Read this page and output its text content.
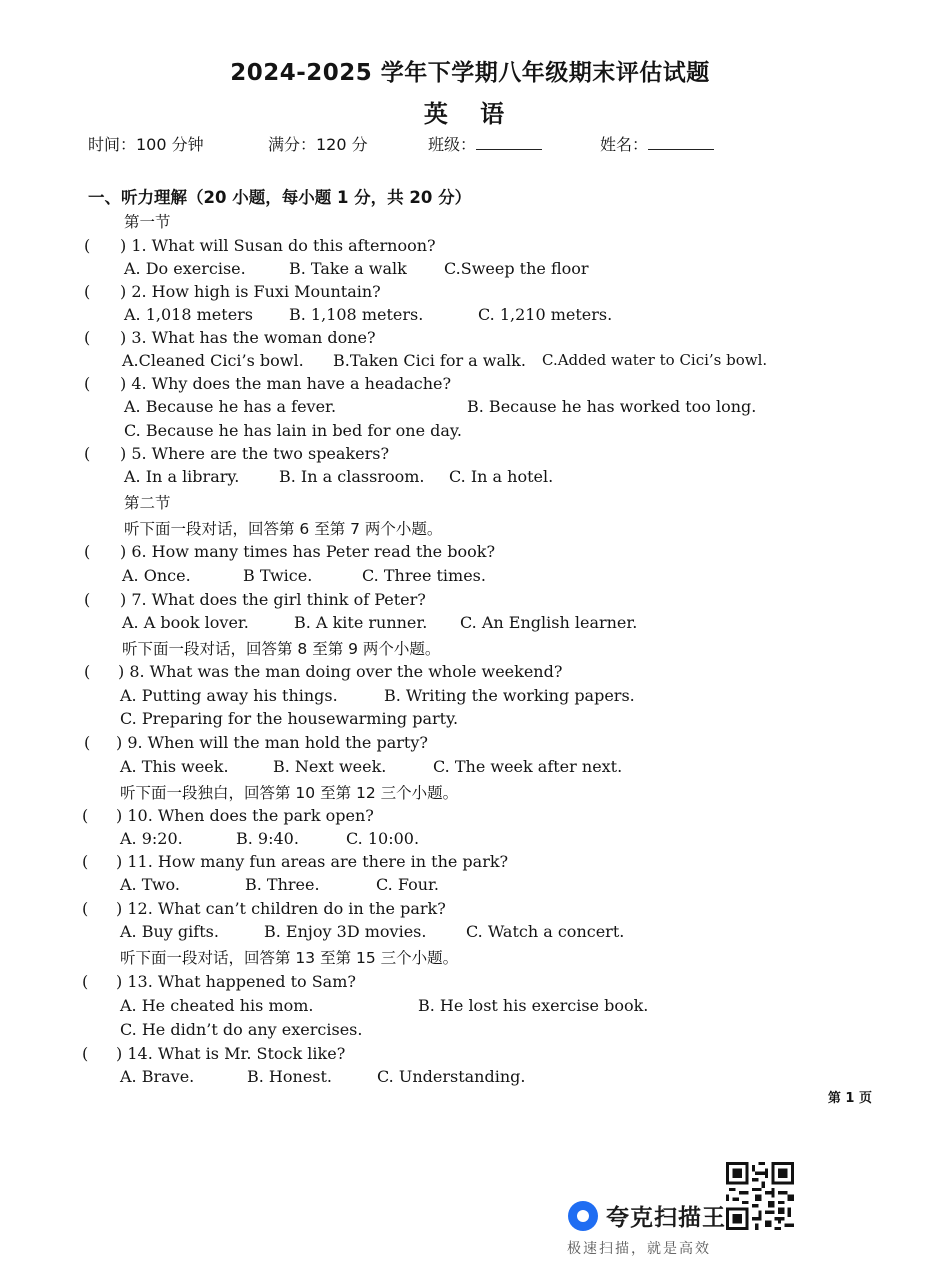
2024-2025 学年下学期八年级期末评估试题
英 语
时间：100 分钟	满分：120 分	班级：	姓名：
一、听力理解（20 小题，每小题 1 分，共 20 分）
第一节
( ) 1. What will Susan do this afternoon?
A. Do exercise.	B. Take a walk C.Sweep the floor
( ) 2. How high is Fuxi Mountain?
A. 1,018 meters B. 1,108 meters.	C. 1,210 meters.
( ) 3. What has the woman done?
A.Cleaned Cici’s bowl. B.Taken Cici for a walk. C.Added water to Cici’s bowl.
( ) 4. Why does the man have a headache?
A. Because he has a fever.	B. Because he has worked too long.
C. Because he has lain in bed for one day.
( ) 5. Where are the two speakers?
A. In a library. B. In a classroom. C. In a hotel.
第二节
听下面一段对话，回答第 6 至第 7 两个小题。
( ) 6. How many times has Peter read the book?
A. Once.	B Twice.	C. Three times.
( ) 7. What does the girl think of Peter?
A. A book lover.	B. A kite runner. C. An English learner.
听下面一段对话，回答第 8 至第 9 两个小题。
( ) 8. What was the man doing over the whole weekend?
A. Putting away his things.	B. Writing the working papers.
C. Preparing for the housewarming party.
( ) 9. When will the man hold the party?
A. This week.	B. Next week.	C. The week after next.
听下面一段独白，回答第 10 至第 12 三个小题。
( ) 10. When does the park open?
A. 9:20.	B. 9:40.	C. 10:00.
( ) 11. How many fun areas are there in the park?
A. Two.	B. Three.	C. Four.
( ) 12. What can’t children do in the park?
A. Buy gifts.	B. Enjoy 3D movies. C. Watch a concert.
听下面一段对话，回答第 13 至第 15 三个小题。
( ) 13. What happened to Sam?
A. He cheated his mom.	B. He lost his exercise book.
C. He didn’t do any exercises.
( ) 14. What is Mr. Stock like?
A. Brave.	B. Honest.	C. Understanding.
第 1 页
夸克扫描王
极速扫描，就是高效
